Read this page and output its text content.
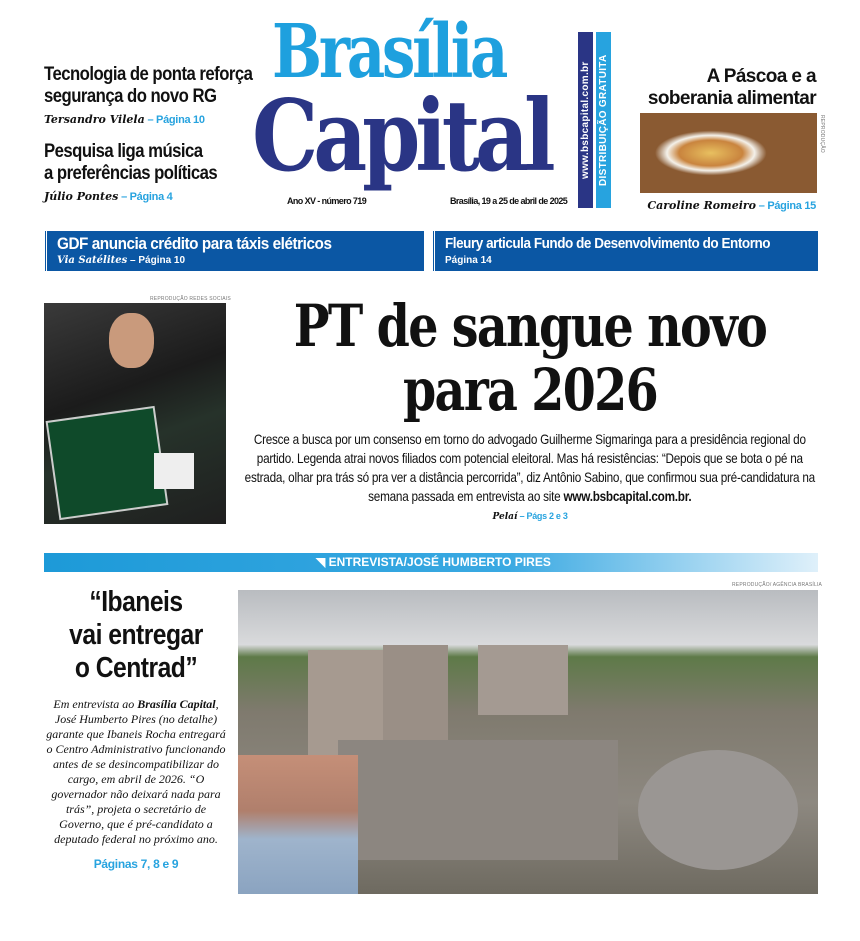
Tecnologia de ponta reforça
segurança do novo RG
Tersandro Vilela – Página 10
Pesquisa liga música
a preferências políticas
Júlio Pontes – Página 4
Brasília
Capital
Ano XV - número 719	Brasília, 19 a 25 de abril de 2025
www.bsbcapital.com.br DISTRIBUIÇÃO GRATUITA	A Páscoa e a
soberania alimentar
REPRODUÇÃO
Caroline Romeiro – Página 15
GDF anuncia crédito para táxis elétricos
Via Satélites – Página 10
Fleury articula Fundo de Desenvolvimento do Entorno
Página 14
REPRODUÇÃO REDES SOCIAIS PT de sangue novo
para 2026
Cresce a busca por um consenso em torno do advogado Guilherme Sigmaringa para a presidência regional do partido. Legenda atrai novos filiados com potencial eleitoral. Mas há resistências: “Depois que se bota o pé na estrada, olhar pra trás só pra ver a distância percorrida”, diz Antônio Sabino, que confirmou sua pré-candidatura na semana passada em entrevista ao site www.bsbcapital.com.br.
Pelaí – Págs 2 e 3
◥ ENTREVISTA/JOSÉ HUMBERTO PIRES
“Ibaneis
vai entregar
o Centrad”
Em entrevista ao Brasília Capital, José Humberto Pires (no detalhe) garante que Ibaneis Rocha entregará o Centro Administrativo funcionando antes de se desincompatibilizar do cargo, em abril de 2026. “O governador não deixará nada para trás”, projeta o secretário de Governo, que é pré-candidato a deputado federal no próximo ano.
Páginas 7, 8 e 9
REPRODUÇÃO/ AGÊNCIA BRASÍLIA
